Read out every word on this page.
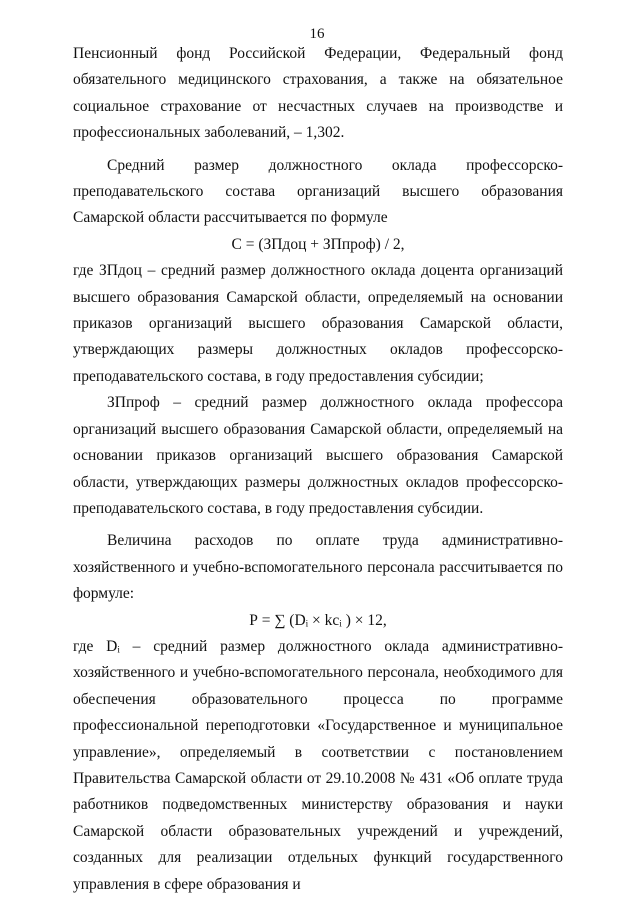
16

Пенсионный фонд Российской Федерации, Федеральный фонд обязательного медицинского страхования, а также на обязательное социальное страхование от несчастных случаев на производстве и профессиональных заболеваний, – 1,302.

Средний размер должностного оклада профессорско-преподавательского состава организаций высшего образования Самарской области рассчитывается по формуле

С = (ЗПдоц + ЗПпроф) / 2,

где ЗПдоц – средний размер должностного оклада доцента организаций высшего образования Самарской области, определяемый на основании приказов организаций высшего образования Самарской области, утверждающих размеры должностных окладов профессорско-преподавательского состава, в году предоставления субсидии;

ЗПпроф – средний размер должностного оклада профессора организаций высшего образования Самарской области, определяемый на основании приказов организаций высшего образования Самарской области, утверждающих размеры должностных окладов профессорско-преподавательского состава, в году предоставления субсидии.

Величина расходов по оплате труда административно-хозяйственного и учебно-вспомогательного персонала рассчитывается по формуле:

Р = ∑ (Dᵢ × kcᵢ ) × 12,

где Dᵢ – средний размер должностного оклада административно-хозяйственного и учебно-вспомогательного персонала, необходимого для обеспечения образовательного процесса по программе профессиональной переподготовки «Государственное и муниципальное управление», определяемый в соответствии с постановлением Правительства Самарской области от 29.10.2008 № 431 «Об оплате труда работников подведомственных министерству образования и науки Самарской области образовательных учреждений и учреждений, созданных для реализации отдельных функций государственного управления в сфере образования и
